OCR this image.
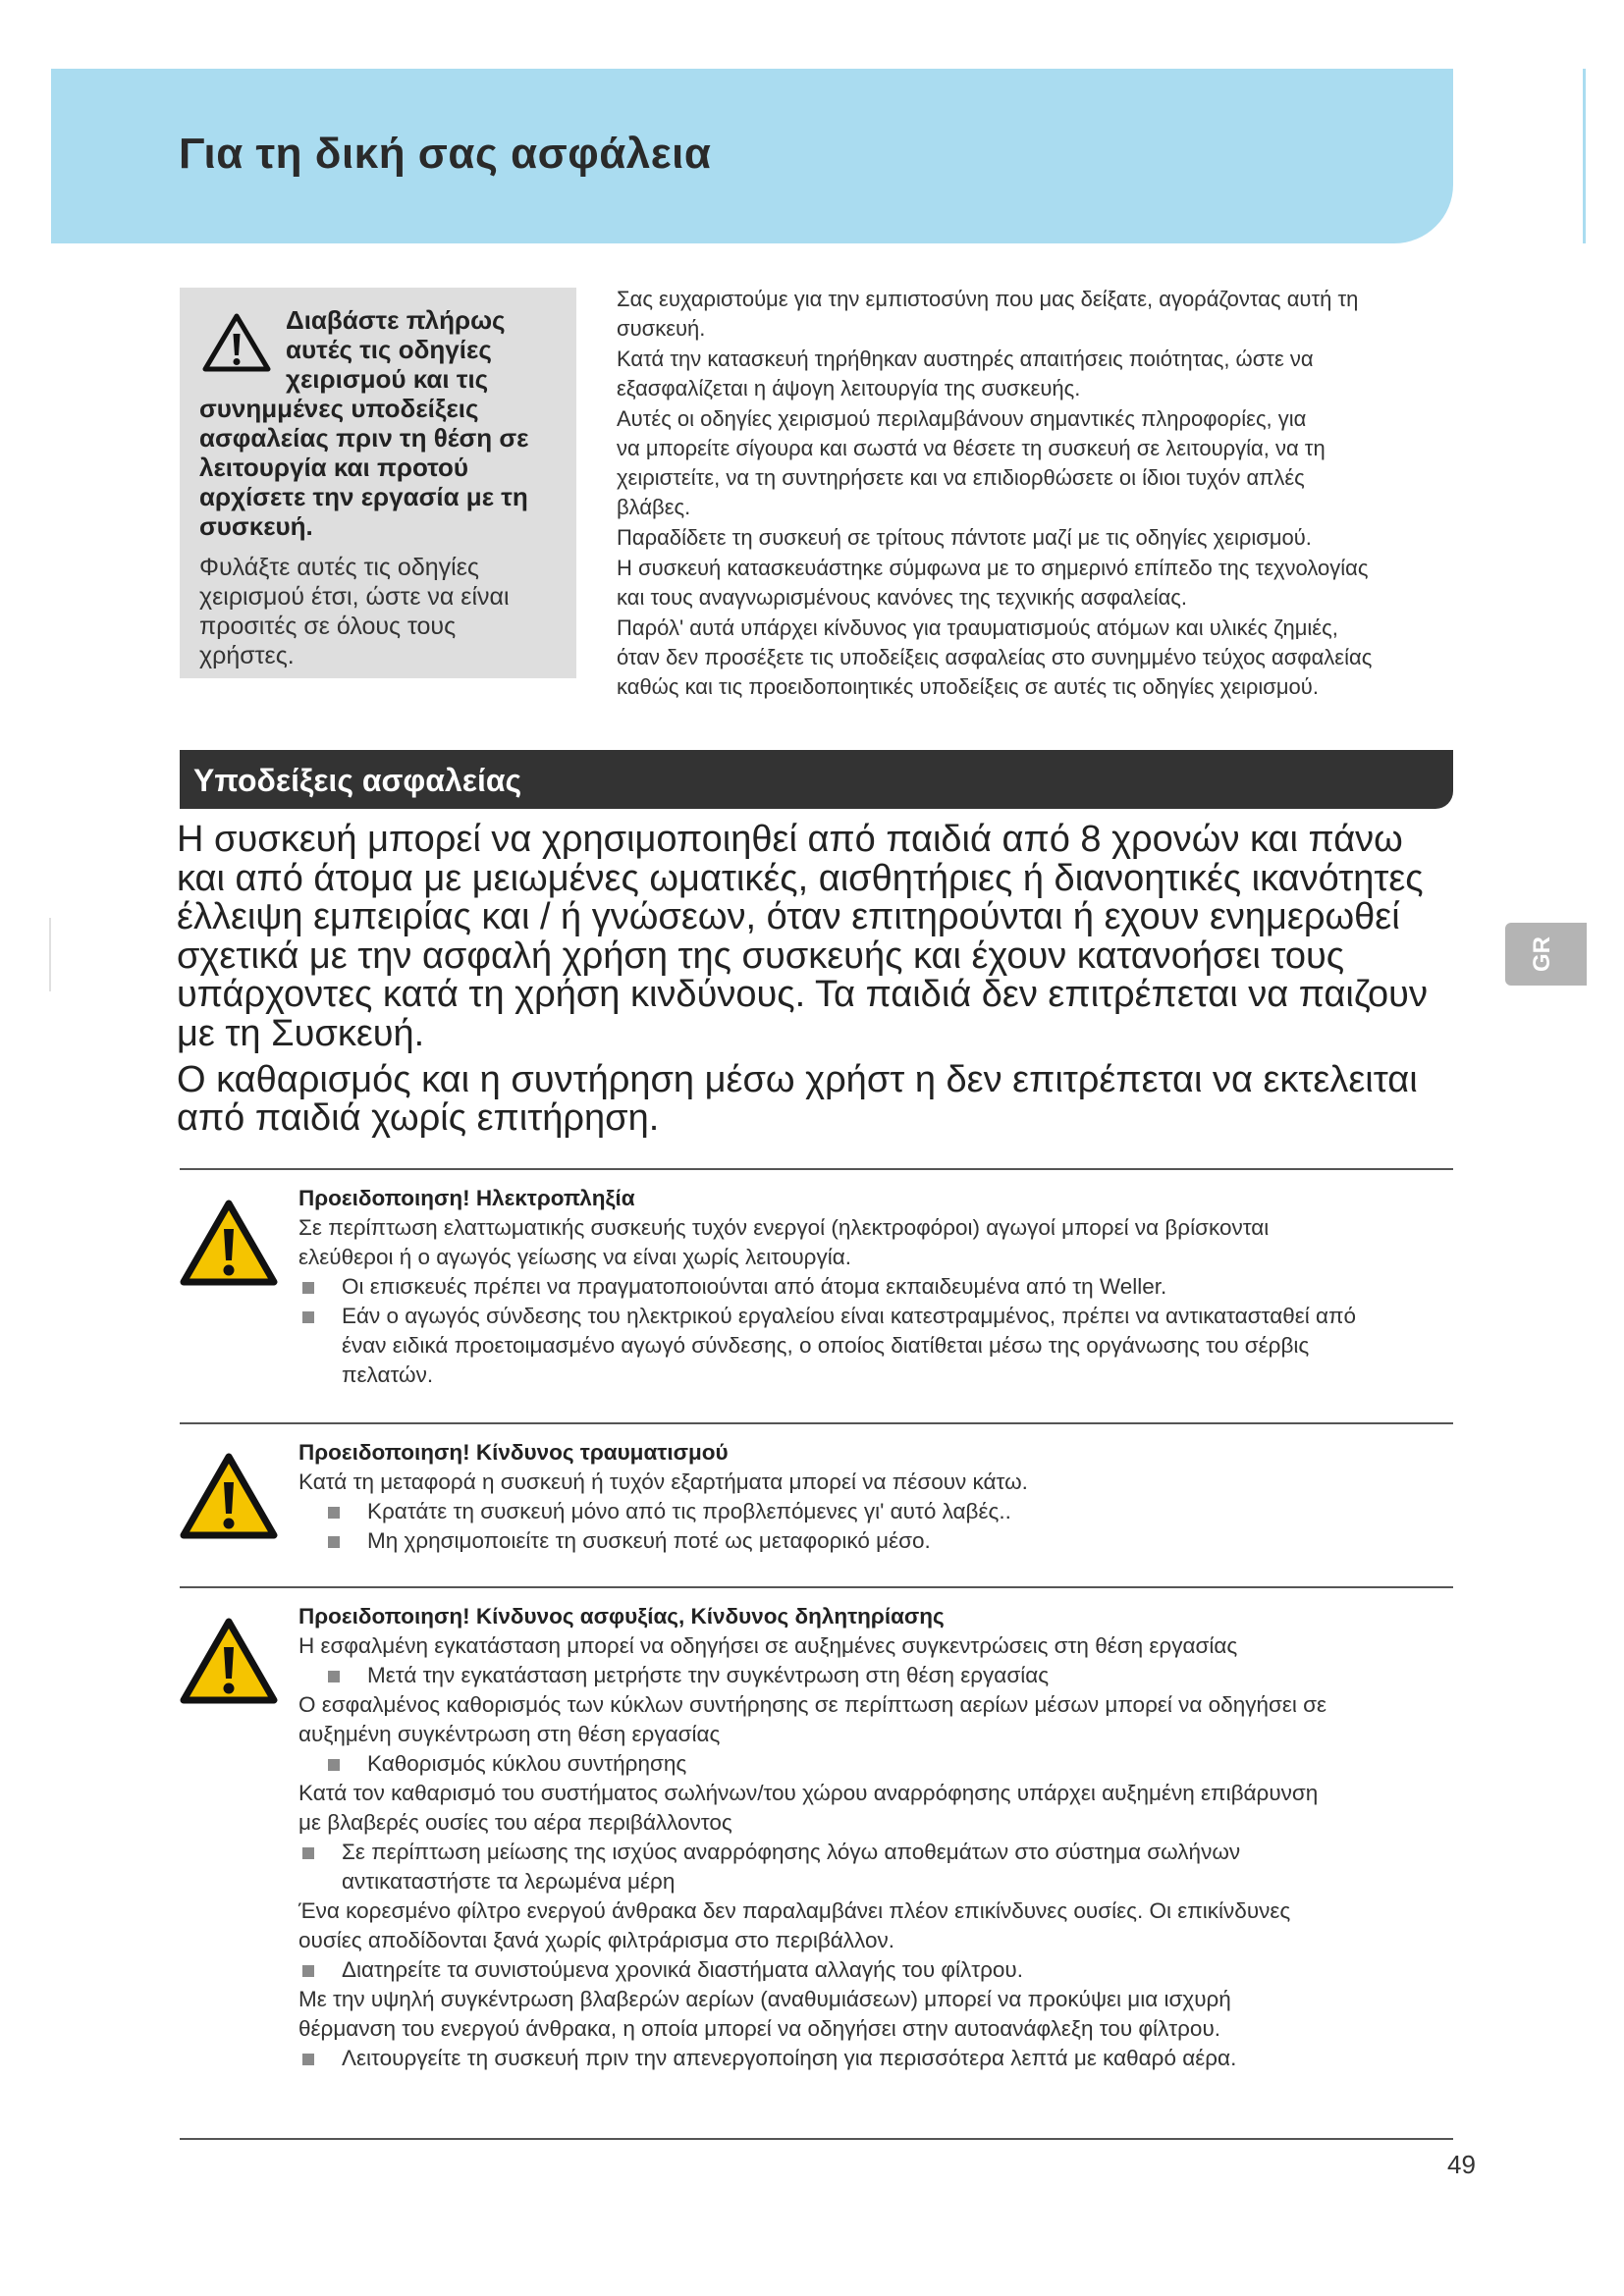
Για τη δική σας ασφάλεια
GR

Διαβάστε πλήρως
αυτές τις οδηγίες
χειρισμού και τις
συνημμένες υποδείξεις
ασφαλείας πριν τη θέση σε
λειτουργία και προτού
αρχίσετε την εργασία με τη
συσκευή.

Φυλάξτε αυτές τις οδηγίες
χειρισμού έτσι, ώστε να είναι
προσιτές σε όλους τους
χρήστες.

Σας ευχαριστούμε για την εμπιστοσύνη που μας δείξατε, αγοράζοντας αυτή τη
συσκευή.

Κατά την κατασκευή τηρήθηκαν αυστηρές απαιτήσεις ποιότητας, ώστε να
εξασφαλίζεται η άψογη λειτουργία της συσκευής.

Αυτές οι οδηγίες χειρισμού περιλαμβάνουν σημαντικές πληροφορίες, για
να μπορείτε σίγουρα και σωστά να θέσετε τη συσκευή σε λειτουργία, να τη
χειριστείτε, να τη συντηρήσετε και να επιδιορθώσετε οι ίδιοι τυχόν απλές
βλάβες.

Παραδίδετε τη συσκευή σε τρίτους πάντοτε μαζί με τις οδηγίες χειρισμού.

Η συσκευή κατασκευάστηκε σύμφωνα με το σημερινό επίπεδο της τεχνολογίας
και τους αναγνωρισμένους κανόνες της τεχνικής ασφαλείας.

Παρόλ' αυτά υπάρχει κίνδυνος για τραυματισμούς ατόμων και υλικές ζημιές,
όταν δεν προσέξετε τις υποδείξεις ασφαλείας στο συνημμένο τεύχος ασφαλείας
καθώς και τις προειδοποιητικές υποδείξεις σε αυτές τις οδηγίες χειρισμού.

Υποδείξεις ασφαλείας

Η συσκευή μπορεί να χρησιμοποιηθεί από παιδιά από 8 χρονών και πάνω
και από άτομα με μειωμένες ωματικές, αισθητήριες ή διανοητικές ικανότητες
έλλειψη εμπειρίας και / ή γνώσεων, όταν επιτηρούνται ή εχουν ενημερωθεί
σχετικά με την ασφαλή χρήση της συσκευής και έχουν κατανοήσει τους
υπάρχοντες κατά τη χρήση κινδύνους. Τα παιδιά δεν επιτρέπεται να παιζουν
με τη Συσκευή.

Ο καθαρισμός και η συντήρηση μέσω χρήστ η δεν επιτρέπεται να εκτελειται
από παιδιά χωρίς επιτήρηση.

Προειδοποιηση! Ηλεκτροπληξία

Σε περίπτωση ελαττωματικής συσκευής τυχόν ενεργοί (ηλεκτροφόροι) αγωγοί μπορεί να βρίσκονται
ελεύθεροι ή ο αγωγός γείωσης να είναι χωρίς λειτουργία.

Οι επισκευές πρέπει να πραγματοποιούνται από άτομα εκπαιδευμένα από τη Weller.

Εάν ο αγωγός σύνδεσης του ηλεκτρικού εργαλείου είναι κατεστραμμένος, πρέπει να αντικατασταθεί από
έναν ειδικά προετοιμασμένο αγωγό σύνδεσης, ο οποίος διατίθεται μέσω της οργάνωσης του σέρβις
πελατών.

Προειδοποιηση! Κίνδυνος τραυματισμού

Κατά τη μεταφορά η συσκευή ή τυχόν εξαρτήματα μπορεί να πέσουν κάτω.

Κρατάτε τη συσκευή μόνο από τις προβλεπόμενες γι' αυτό λαβές..

Μη χρησιμοποιείτε τη συσκευή ποτέ ως μεταφορικό μέσο.

Προειδοποιηση! Κίνδυνος ασφυξίας, Κίνδυνος δηλητηρίασης

Η εσφαλμένη εγκατάσταση μπορεί να οδηγήσει σε αυξημένες συγκεντρώσεις στη θέση εργασίας

Μετά την εγκατάσταση μετρήστε την συγκέντρωση στη θέση εργασίας

Ο εσφαλμένος καθορισμός των κύκλων συντήρησης σε περίπτωση αερίων μέσων μπορεί να οδηγήσει σε
αυξημένη συγκέντρωση στη θέση εργασίας

Καθορισμός κύκλου συντήρησης

Κατά τον καθαρισμό του συστήματος σωλήνων/του χώρου αναρρόφησης υπάρχει αυξημένη επιβάρυνση
με βλαβερές ουσίες του αέρα περιβάλλοντος

Σε περίπτωση μείωσης της ισχύος αναρρόφησης λόγω αποθεμάτων στο σύστημα σωλήνων
αντικαταστήστε τα λερωμένα μέρη

Ένα κορεσμένο φίλτρο ενεργού άνθρακα δεν παραλαμβάνει πλέον επικίνδυνες ουσίες. Οι επικίνδυνες
ουσίες αποδίδονται ξανά χωρίς φιλτράρισμα στο περιβάλλον.

Διατηρείτε τα συνιστούμενα χρονικά διαστήματα αλλαγής του φίλτρου.

Με την υψηλή συγκέντρωση βλαβερών αερίων (αναθυμιάσεων) μπορεί να προκύψει μια ισχυρή
θέρμανση του ενεργού άνθρακα, η οποία μπορεί να οδηγήσει στην αυτοανάφλεξη του φίλτρου.

Λειτουργείτε τη συσκευή πριν την απενεργοποίηση για περισσότερα λεπτά με καθαρό αέρα.

49
